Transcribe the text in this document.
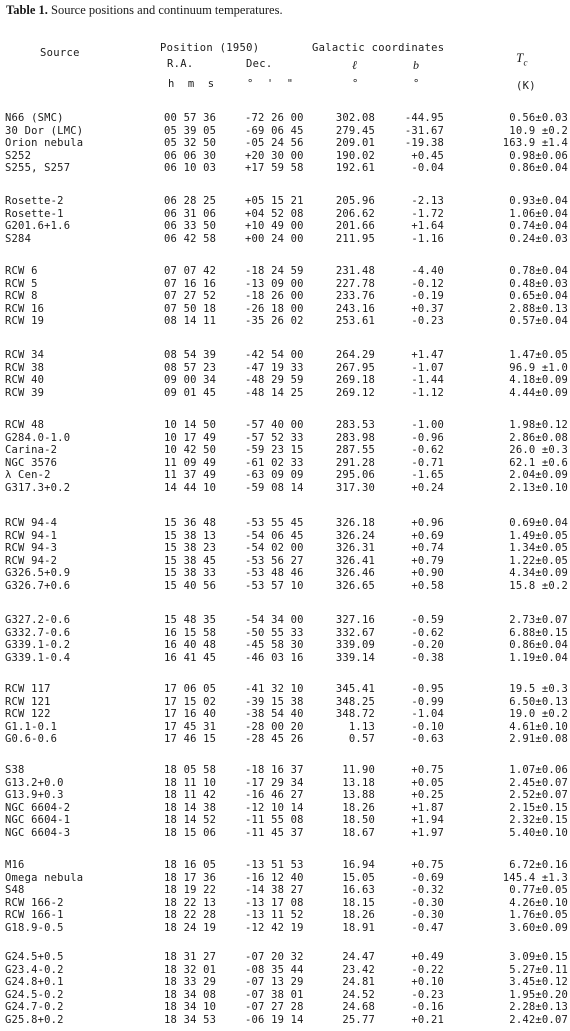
Table 1. Source positions and continuum temperatures.
Source	Position (1950)
R.A.	Dec.
h  m  s	°  '  "
Galactic coordinates
ℓ	b
°	°
$T_c$
(K)
N66 (SMC)	00 57 36	-72 26 00	302.08	-44.95	0.56±0.03
30 Dor (LMC)	05 39 05	-69 06 45	279.45	-31.67	10.9 ±0.2
Orion nebula	05 32 50	-05 24 56	209.01	-19.38	163.9 ±1.4
S252	06 06 30	+20 30 00	190.02	+0.45	0.98±0.06
S255, S257	06 10 03	+17 59 58	192.61	-0.04	0.86±0.04
Rosette-2	06 28 25	+05 15 21	205.96	-2.13	0.93±0.04
Rosette-1	06 31 06	+04 52 08	206.62	-1.72	1.06±0.04
G201.6+1.6	06 33 50	+10 49 00	201.66	+1.64	0.74±0.04
S284	06 42 58	+00 24 00	211.95	-1.16	0.24±0.03
RCW 6	07 07 42	-18 24 59	231.48	-4.40	0.78±0.04
RCW 5	07 16 16	-13 09 00	227.78	-0.12	0.48±0.03
RCW 8	07 27 52	-18 26 00	233.76	-0.19	0.65±0.04
RCW 16	07 50 18	-26 18 00	243.16	+0.37	2.88±0.13
RCW 19	08 14 11	-35 26 02	253.61	-0.23	0.57±0.04
RCW 34	08 54 39	-42 54 00	264.29	+1.47	1.47±0.05
RCW 38	08 57 23	-47 19 33	267.95	-1.07	96.9 ±1.0
RCW 40	09 00 34	-48 29 59	269.18	-1.44	4.18±0.09
RCW 39	09 01 45	-48 14 25	269.12	-1.12	4.44±0.09
RCW 48	10 14 50	-57 40 00	283.53	-1.00	1.98±0.12
G284.0-1.0	10 17 49	-57 52 33	283.98	-0.96	2.86±0.08
Carina-2	10 42 50	-59 23 15	287.55	-0.62	26.0 ±0.3
NGC 3576	11 09 49	-61 02 33	291.28	-0.71	62.1 ±0.6
λ Cen-2	11 37 49	-63 09 09	295.06	-1.65	2.04±0.09
G317.3+0.2	14 44 10	-59 08 14	317.30	+0.24	2.13±0.10
RCW 94-4	15 36 48	-53 55 45	326.18	+0.96	0.69±0.04
RCW 94-1	15 38 13	-54 06 45	326.24	+0.69	1.49±0.05
RCW 94-3	15 38 23	-54 02 00	326.31	+0.74	1.34±0.05
RCW 94-2	15 38 45	-53 56 27	326.41	+0.79	1.22±0.05
G326.5+0.9	15 38 33	-53 48 46	326.46	+0.90	4.34±0.09
G326.7+0.6	15 40 56	-53 57 10	326.65	+0.58	15.8 ±0.2
G327.2-0.6	15 48 35	-54 34 00	327.16	-0.59	2.73±0.07
G332.7-0.6	16 15 58	-50 55 33	332.67	-0.62	6.88±0.15
G339.1-0.2	16 40 48	-45 58 30	339.09	-0.20	0.86±0.04
G339.1-0.4	16 41 45	-46 03 16	339.14	-0.38	1.19±0.04
RCW 117	17 06 05	-41 32 10	345.41	-0.95	19.5 ±0.3
RCW 121	17 15 02	-39 15 38	348.25	-0.99	6.50±0.13
RCW 122	17 16 40	-38 54 40	348.72	-1.04	19.0 ±0.2
G1.1-0.1	17 45 31	-28 00 20	1.13	-0.10	4.61±0.10
G0.6-0.6	17 46 15	-28 45 26	0.57	-0.63	2.91±0.08
S38	18 05 58	-18 16 37	11.90	+0.75	1.07±0.06
G13.2+0.0	18 11 10	-17 29 34	13.18	+0.05	2.45±0.07
G13.9+0.3	18 11 42	-16 46 27	13.88	+0.25	2.52±0.07
NGC 6604-2	18 14 38	-12 10 14	18.26	+1.87	2.15±0.15
NGC 6604-1	18 14 52	-11 55 08	18.50	+1.94	2.32±0.15
NGC 6604-3	18 15 06	-11 45 37	18.67	+1.97	5.40±0.10
M16	18 16 05	-13 51 53	16.94	+0.75	6.72±0.16
Omega nebula	18 17 36	-16 12 40	15.05	-0.69	145.4 ±1.3
S48	18 19 22	-14 38 27	16.63	-0.32	0.77±0.05
RCW 166-2	18 22 13	-13 17 08	18.15	-0.30	4.26±0.10
RCW 166-1	18 22 28	-13 11 52	18.26	-0.30	1.76±0.05
G18.9-0.5	18 24 19	-12 42 19	18.91	-0.47	3.60±0.09
G24.5+0.5	18 31 27	-07 20 32	24.47	+0.49	3.09±0.15
G23.4-0.2	18 32 01	-08 35 44	23.42	-0.22	5.27±0.11
G24.8+0.1	18 33 29	-07 13 29	24.81	+0.10	3.45±0.12
G24.5-0.2	18 34 08	-07 38 01	24.52	-0.23	1.95±0.20
G24.7-0.2	18 34 10	-07 27 28	24.68	-0.16	2.28±0.13
G25.8+0.2	18 34 53	-06 19 14	25.77	+0.21	2.42±0.07
